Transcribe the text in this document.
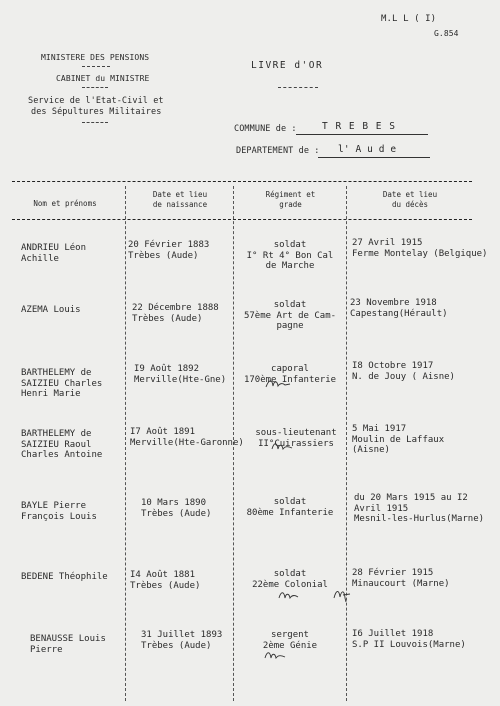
M.L L ( I)
G.854
MINISTERE DES PENSIONS
CABINET du MINISTRE
Service de l'Etat-Civil et
des Sépultures Militaires
LIVRE d'OR
COMMUNE de :	T R E B E S
DEPARTEMENT de : l' A u d e
Nom et prénoms
Date et lieu
de naissance
Régiment et
grade
Date et lieu
du décès
ANDRIEU Léon
Achille
20 Février 1883
Trèbes (Aude)
soldat
I° Rt 4° Bon Cal
de Marche
27 Avril 1915
Ferme Montelay (Belgique)
AZEMA Louis	22 Décembre 1888
Trèbes (Aude)
soldat
57ème Art de Cam-
pagne
23 Novembre 1918
Capestang(Hérault)
BARTHELEMY de
SAIZIEU Charles
Henri Marie
I9 Août 1892
Merville(Hte-Gne)
caporal
170ème Infanterie
I8 Octobre 1917
N. de Jouy ( Aisne)
BARTHELEMY de
SAIZIEU Raoul
Charles Antoine
I7 Août 1891
Merville(Hte-Garonne)
sous-lieutenant
II°Cuirassiers
5 Mai 1917
Moulin de Laffaux
(Aisne)
BAYLE Pierre
François Louis
10 Mars 1890
Trèbes (Aude)
soldat
80ème Infanterie
du 20 Mars 1915 au I2
Avril 1915
Mesnil-les-Hurlus(Marne)
BEDENE Théophile I4 Août 1881
Trèbes (Aude)
soldat
22ème Colonial
28 Février 1915
Minaucourt (Marne)
BENAUSSE Louis
Pierre
31 Juillet 1893
Trèbes (Aude)
sergent
2ème Génie
I6 Juillet 1918
S.P II Louvois(Marne)
